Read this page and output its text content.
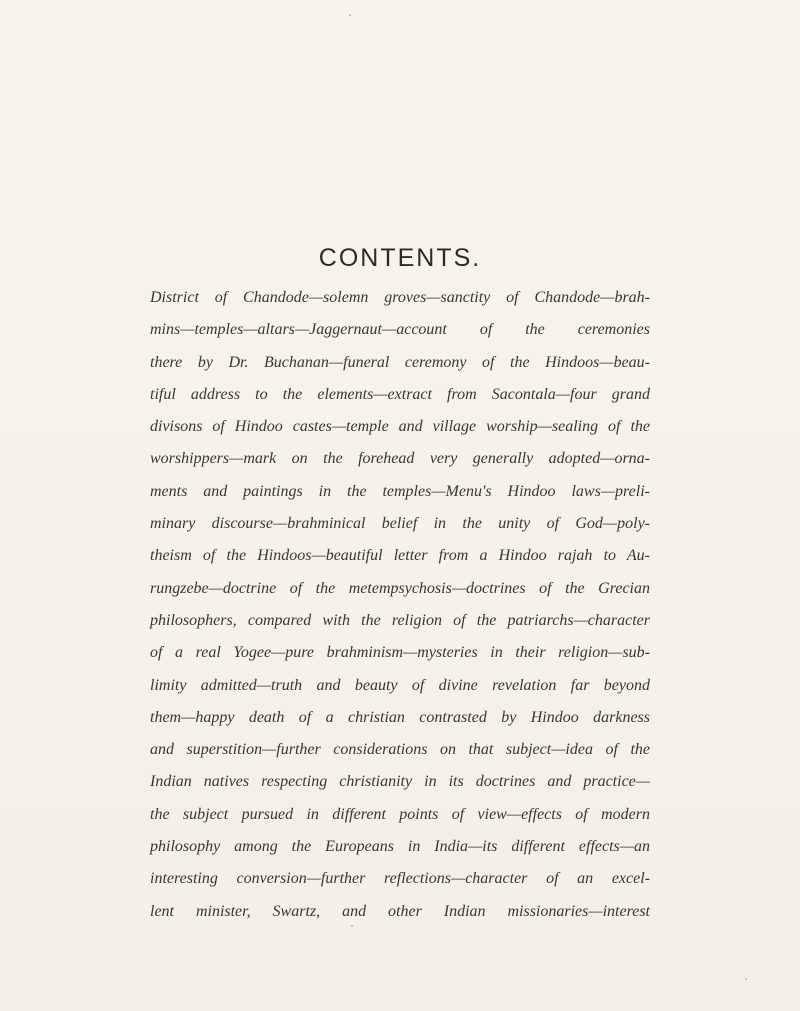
CONTENTS.
District of Chandode—solemn groves—sanctity of Chandode—brah-
mins—temples—altars—Jaggernaut—account of the ceremonies
there by Dr. Buchanan—funeral ceremony of the Hindoos—beau-
tiful address to the elements—extract from Sacontala—four grand
divisons of Hindoo castes—temple and village worship—sealing of the
worshippers—mark on the forehead very generally adopted—orna-
ments and paintings in the temples—Menu's Hindoo laws—preli-
minary discourse—brahminical belief in the unity of God—poly-
theism of the Hindoos—beautiful letter from a Hindoo rajah to Au-
rungzebe—doctrine of the metempsychosis—doctrines of the Grecian
philosophers, compared with the religion of the patriarchs—character
of a real Yogee—pure brahminism—mysteries in their religion—sub-
limity admitted—truth and beauty of divine revelation far beyond
them—happy death of a christian contrasted by Hindoo darkness
and superstition—further considerations on that subject—idea of the
Indian natives respecting christianity in its doctrines and practice—
the subject pursued in different points of view—effects of modern
philosophy among the Europeans in India—its different effects—an
interesting conversion—further reflections—character of an excel-
lent minister, Swartz, and other Indian missionaries—interest
